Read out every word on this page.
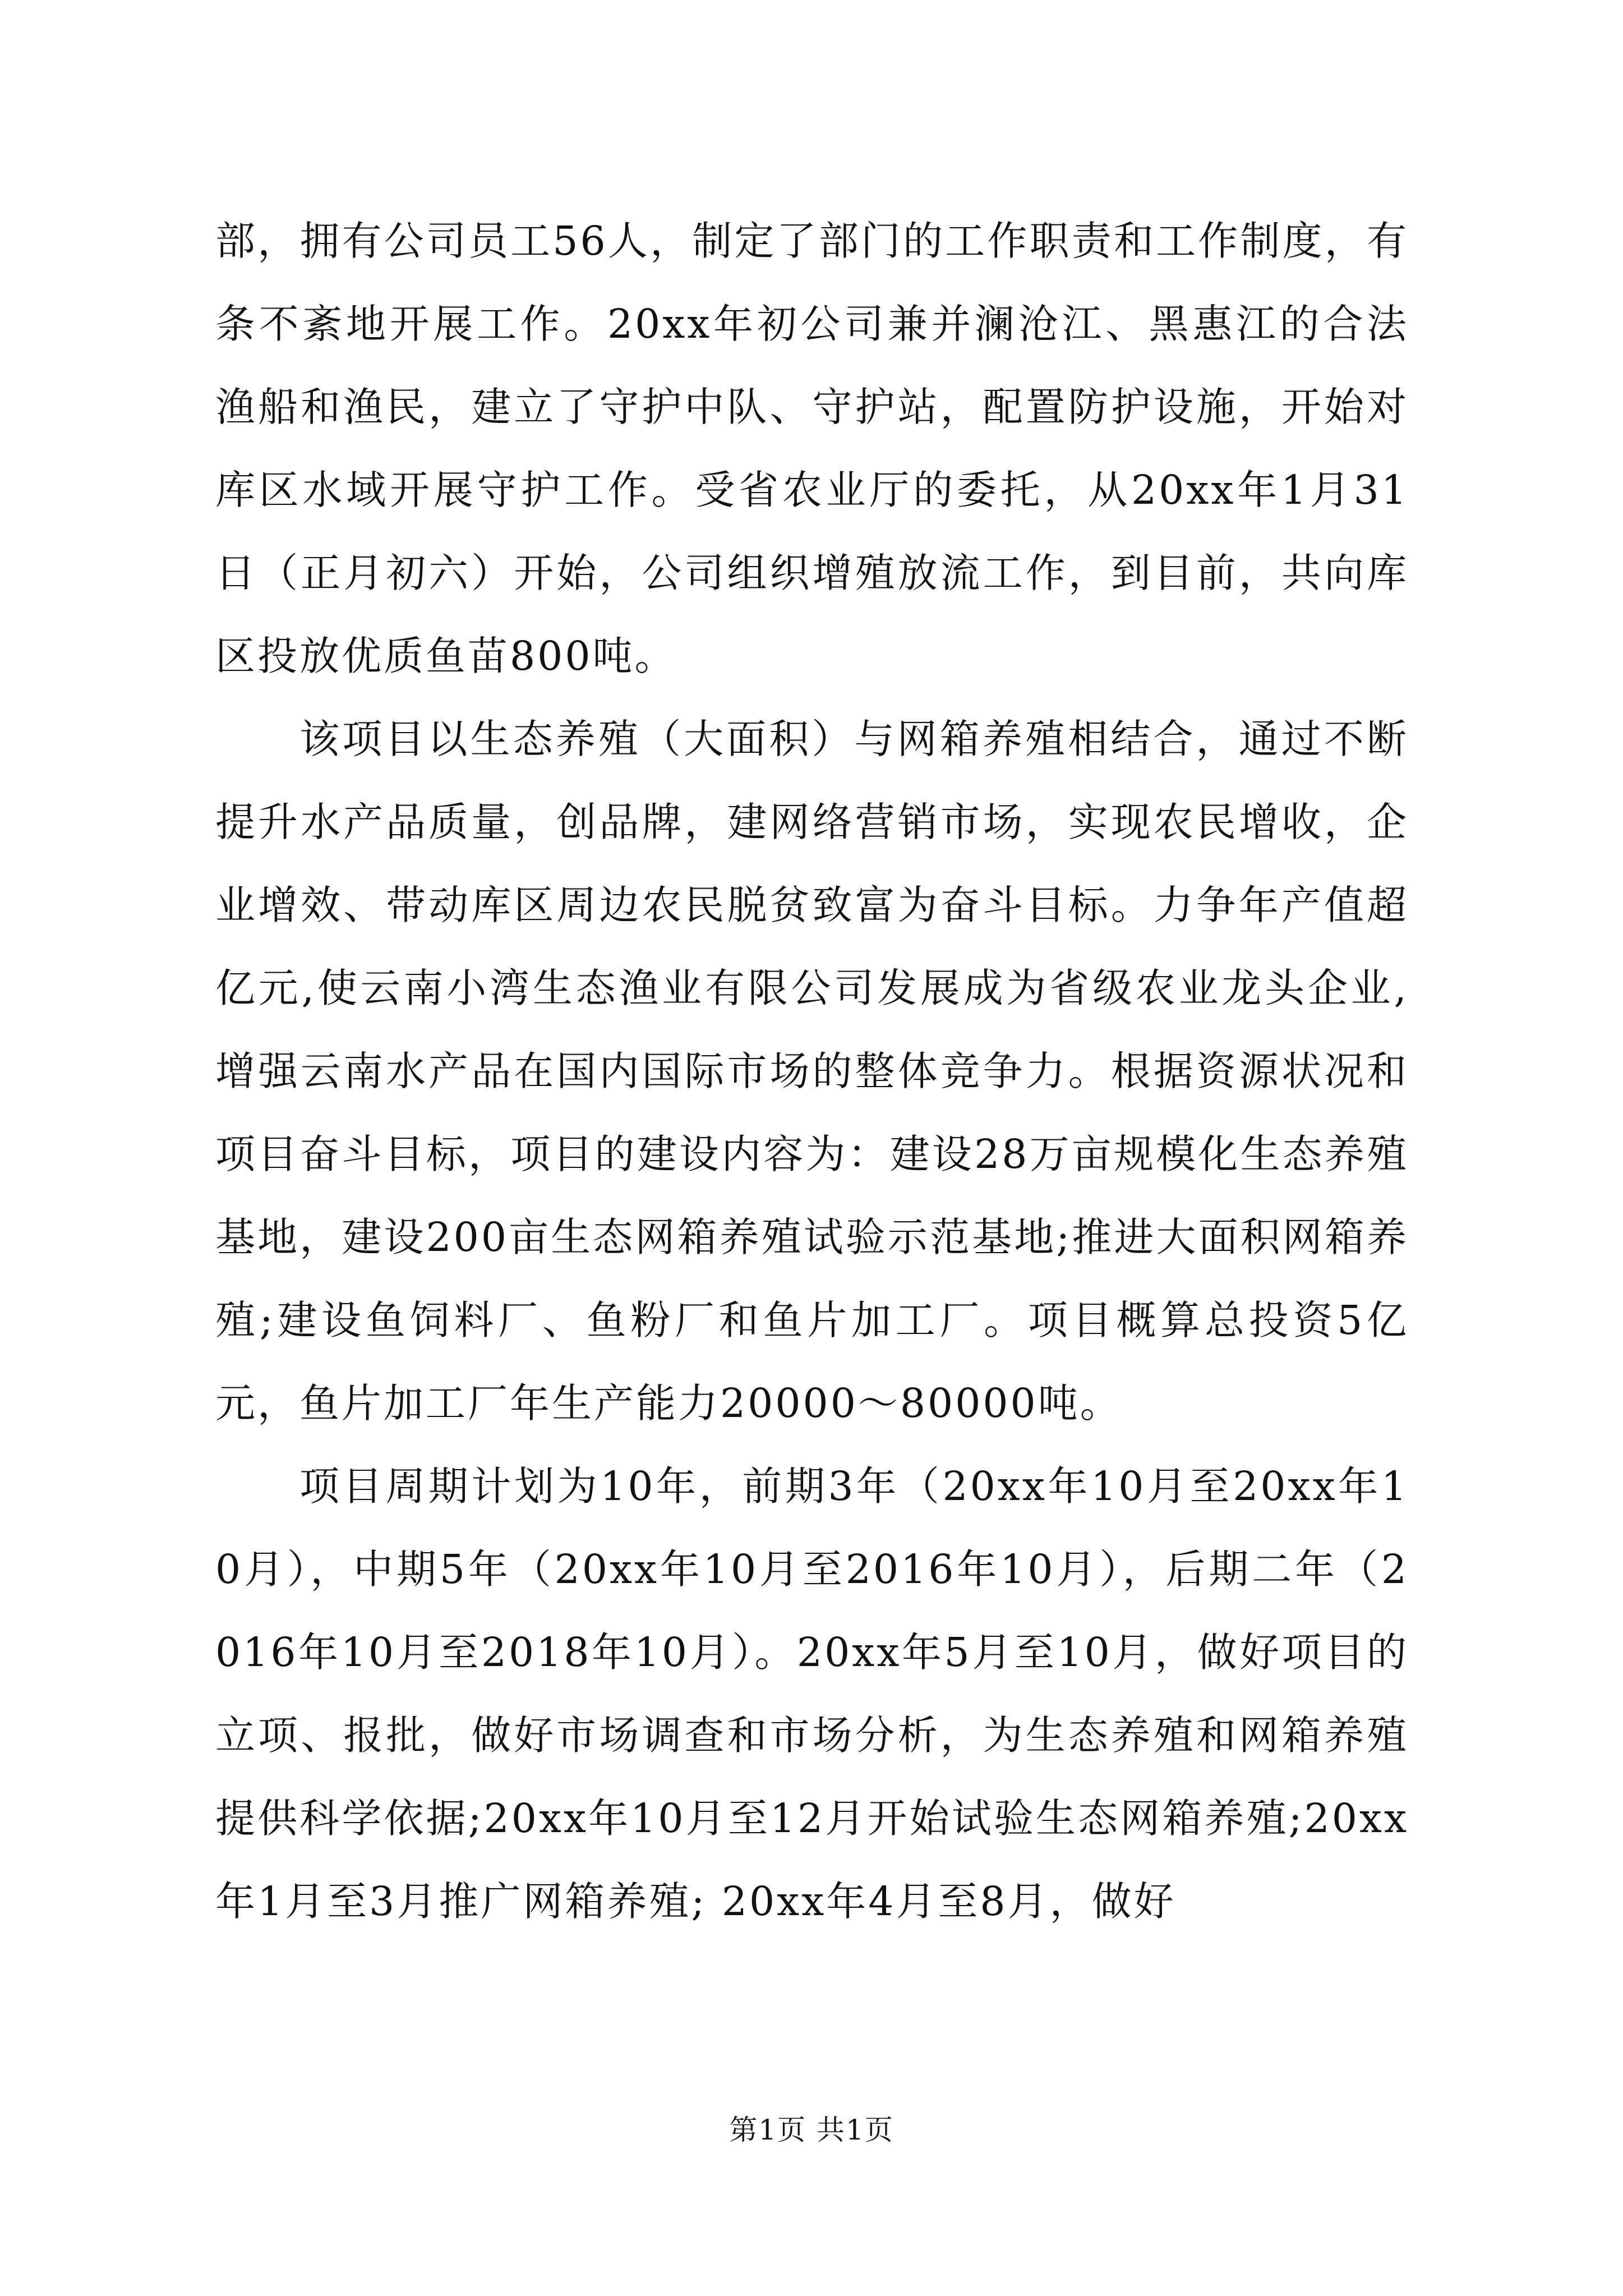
部，拥有公司员工56人，制定了部门的工作职责和工作制度，有条不紊地开展工作。20xx年初公司兼并澜沧江、黑惠江的合法渔船和渔民，建立了守护中队、守护站，配置防护设施，开始对库区水域开展守护工作。受省农业厅的委托，从20xx年1月31日（正月初六）开始，公司组织增殖放流工作，到目前，共向库区投放优质鱼苗800吨。

该项目以生态养殖（大面积）与网箱养殖相结合，通过不断提升水产品质量，创品牌，建网络营销市场，实现农民增收，企业增效、带动库区周边农民脱贫致富为奋斗目标。力争年产值超亿元,使云南小湾生态渔业有限公司发展成为省级农业龙头企业,增强云南水产品在国内国际市场的整体竞争力。根据资源状况和项目奋斗目标，项目的建设内容为：建设28万亩规模化生态养殖基地，建设200亩生态网箱养殖试验示范基地;推进大面积网箱养殖;建设鱼饲料厂、鱼粉厂和鱼片加工厂。项目概算总投资5亿元，鱼片加工厂年生产能力20000～80000吨。

项目周期计划为10年，前期3年（20xx年10月至20xx年10月），中期5年（20xx年10月至2016年10月），后期二年（2016年10月至2018年10月）。20xx年5月至10月，做好项目的立项、报批，做好市场调查和市场分析，为生态养殖和网箱养殖提供科学依据;20xx年10月至12月开始试验生态网箱养殖;20xx年1月至3月推广网箱养殖; 20xx年4月至8月，做好

第1页 共1页
